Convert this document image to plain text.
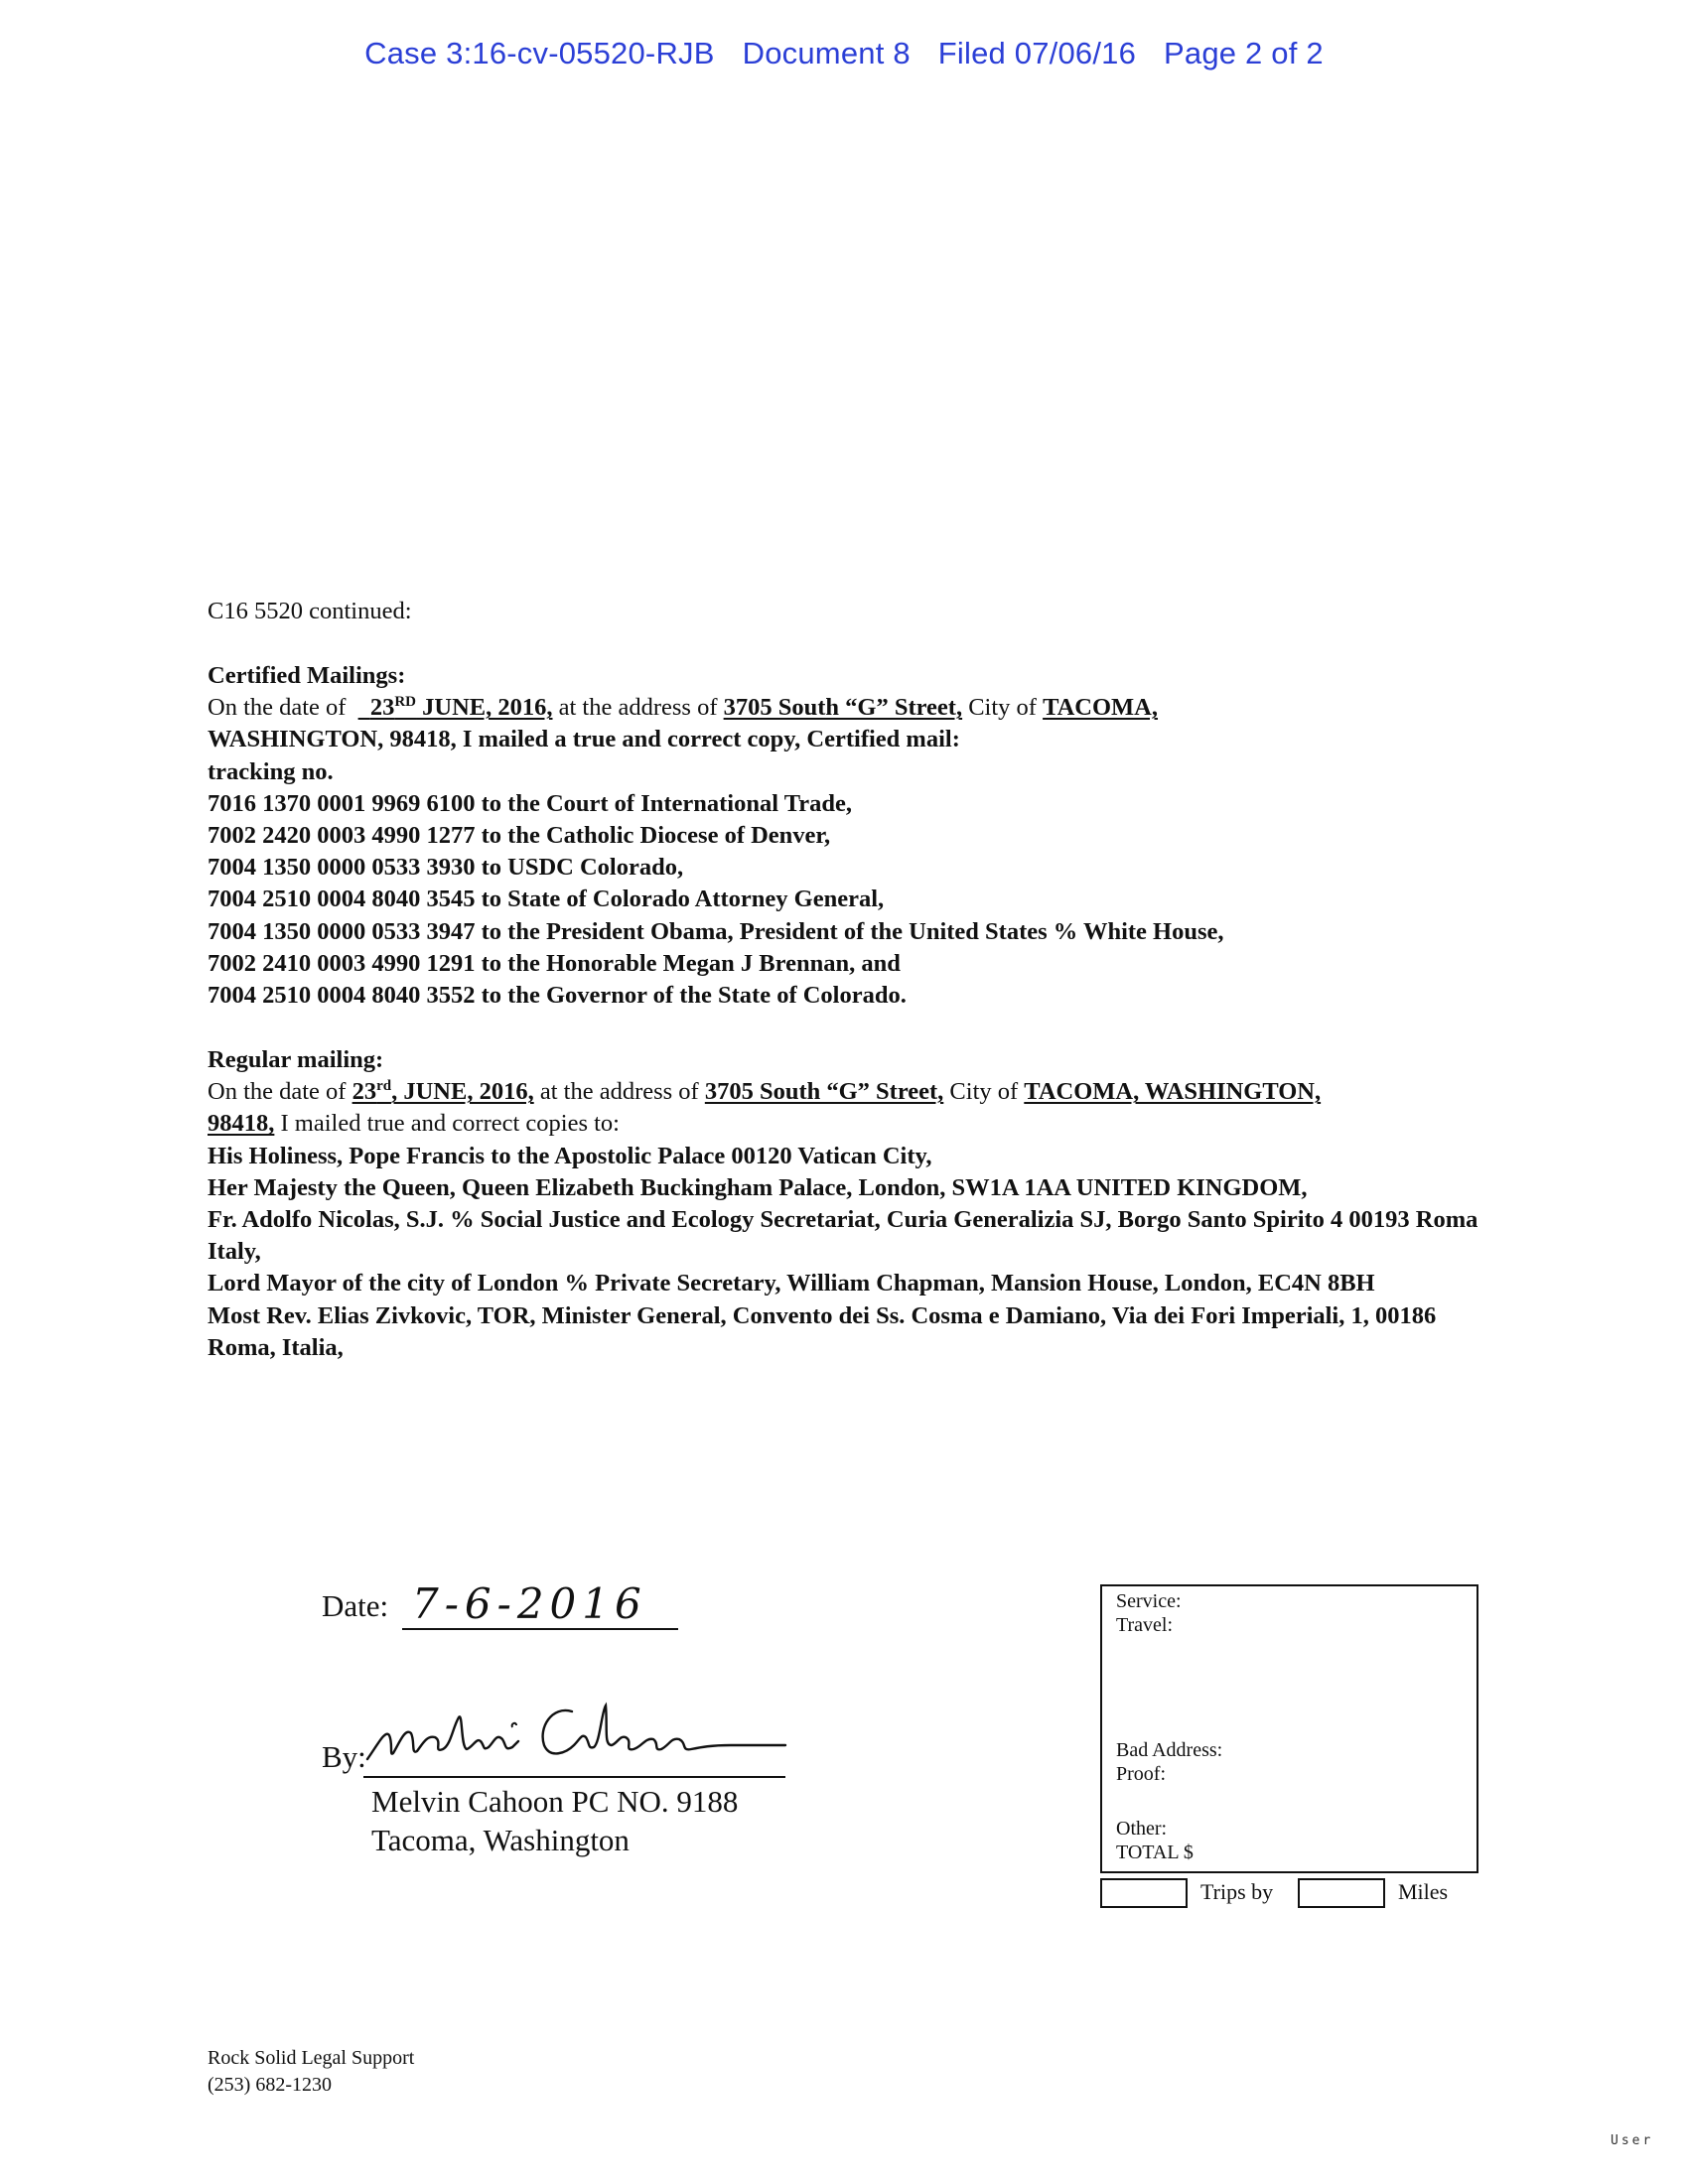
Case 3:16-cv-05520-RJB Document 8 Filed 07/06/16 Page 2 of 2
C16 5520 continued:
Certified Mailings:
On the date of 23RD JUNE, 2016, at the address of 3705 South “G” Street, City of TACOMA,
WASHINGTON, 98418, I mailed a true and correct copy, Certified mail:
tracking no.
7016 1370 0001 9969 6100 to the Court of International Trade,
7002 2420 0003 4990 1277 to the Catholic Diocese of Denver,
7004 1350 0000 0533 3930 to USDC Colorado,
7004 2510 0004 8040 3545 to State of Colorado Attorney General,
7004 1350 0000 0533 3947 to the President Obama, President of the United States % White House,
7002 2410 0003 4990 1291 to the Honorable Megan J Brennan, and
7004 2510 0004 8040 3552 to the Governor of the State of Colorado.
Regular mailing:
On the date of 23rd, JUNE, 2016, at the address of 3705 South “G” Street, City of TACOMA, WASHINGTON,
98418, I mailed true and correct copies to:
His Holiness, Pope Francis to the Apostolic Palace 00120 Vatican City,
Her Majesty the Queen, Queen Elizabeth Buckingham Palace, London, SW1A 1AA UNITED KINGDOM,
Fr. Adolfo Nicolas, S.J. % Social Justice and Ecology Secretariat, Curia Generalizia SJ, Borgo Santo Spirito 4 00193 Roma Italy,
Lord Mayor of the city of London % Private Secretary, William Chapman, Mansion House, London, EC4N 8BH
Most Rev. Elias Zivkovic, TOR, Minister General, Convento dei Ss. Cosma e Damiano, Via dei Fori Imperiali, 1, 00186 Roma, Italia,
Date: 7-6-2016
By:
Melvin Cahoon PC NO. 9188
Tacoma, Washington
Service:
Travel:
Bad Address:
Proof:
Other:
TOTAL $
Trips by	Miles
Rock Solid Legal Support
(253) 682-1230
User
